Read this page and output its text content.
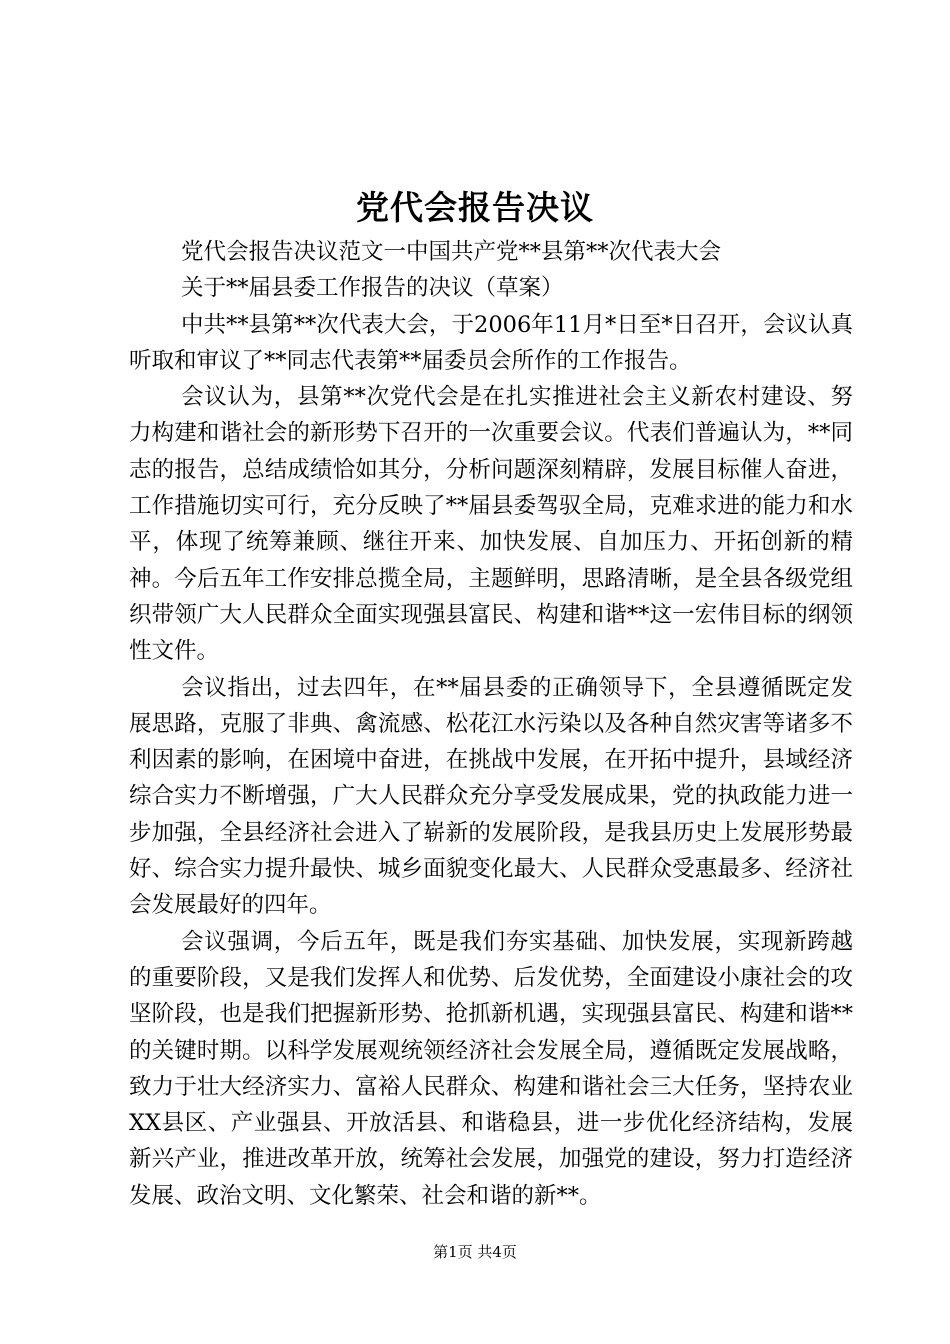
党代会报告决议

党代会报告决议范文一中国共产党**县第**次代表大会

关于**届县委工作报告的决议（草案）

中共**县第**次代表大会，于2006年11月*日至*日召开，会议认真听取和审议了**同志代表第**届委员会所作的工作报告。

会议认为，县第**次党代会是在扎实推进社会主义新农村建设、努力构建和谐社会的新形势下召开的一次重要会议。代表们普遍认为，**同志的报告，总结成绩恰如其分，分析问题深刻精辟，发展目标催人奋进，工作措施切实可行，充分反映了**届县委驾驭全局，克难求进的能力和水平，体现了统筹兼顾、继往开来、加快发展、自加压力、开拓创新的精神。今后五年工作安排总揽全局，主题鲜明，思路清晰，是全县各级党组织带领广大人民群众全面实现强县富民、构建和谐**这一宏伟目标的纲领性文件。

会议指出，过去四年，在**届县委的正确领导下，全县遵循既定发展思路，克服了非典、禽流感、松花江水污染以及各种自然灾害等诸多不利因素的影响，在困境中奋进，在挑战中发展，在开拓中提升，县域经济综合实力不断增强，广大人民群众充分享受发展成果，党的执政能力进一步加强，全县经济社会进入了崭新的发展阶段，是我县历史上发展形势最好、综合实力提升最快、城乡面貌变化最大、人民群众受惠最多、经济社会发展最好的四年。

会议强调，今后五年，既是我们夯实基础、加快发展，实现新跨越的重要阶段，又是我们发挥人和优势、后发优势，全面建设小康社会的攻坚阶段，也是我们把握新形势、抢抓新机遇，实现强县富民、构建和谐**的关键时期。以科学发展观统领经济社会发展全局，遵循既定发展战略，致力于壮大经济实力、富裕人民群众、构建和谐社会三大任务，坚持农业XX县区、产业强县、开放活县、和谐稳县，进一步优化经济结构，发展新兴产业，推进改革开放，统筹社会发展，加强党的建设，努力打造经济发展、政治文明、文化繁荣、社会和谐的新**。

第1页 共4页
